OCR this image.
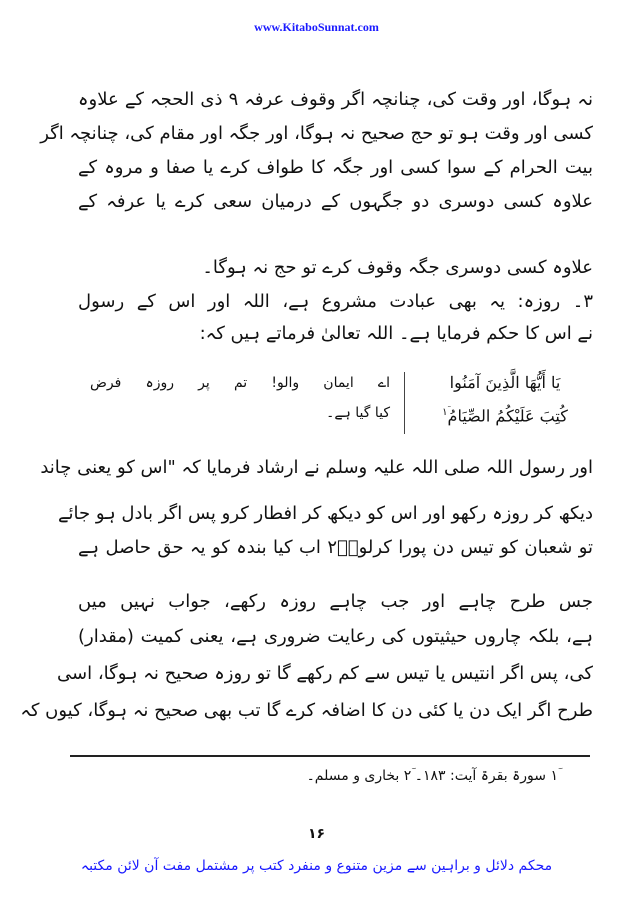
www.KitaboSunnat.com
نہ ہوگا، اور وقت کی، چنانچہ اگر وقوف عرفہ ۹ ذی الحجہ کے علاوہ
کسی اور وقت ہو تو حج صحیح نہ ہوگا، اور جگہ اور مقام کی، چنانچہ اگر
بیت الحرام کے سوا کسی اور جگہ کا طواف کرے یا صفا و مروہ کے
علاوہ کسی دوسری دو جگہوں کے درمیان سعی کرے یا عرفہ کے
علاوہ کسی دوسری جگہ وقوف کرے تو حج نہ ہوگا۔
۳۔ روزہ: یہ بھی عبادت مشروع ہے، اللہ اور اس کے رسول
نے اس کا حکم فرمایا ہے۔ اللہ تعالیٰ فرماتے ہیں کہ:
يَا أَيُّهَا الَّذِينَ آمَنُوا
كُتِبَ عَلَيْكُمُ الصِّيَامُ$^{ؔ۱}$
اے ایمان والو! تم پر روزہ فرض
کیا گیا ہے۔
اور رسول اللہ صلی اللہ علیہ وسلم نے ارشاد فرمایا کہ "اس کو یعنی چاند
دیکھ کر روزہ رکھو اور اس کو دیکھ کر افطار کرو پس اگر بادل ہو جائے
تو شعبان کو تیس دن پورا کرلو۔ؔ۲ اب کیا بندہ کو یہ حق حاصل ہے
جس طرح چاہے اور جب چاہے روزہ رکھے، جواب نہیں میں
ہے، بلکہ چاروں حیثیتوں کی رعایت ضروری ہے، یعنی کمیت (مقدار)
کی، پس اگر انتیس یا تیس سے کم رکھے گا تو روزہ صحیح نہ ہوگا، اسی
طرح اگر ایک دن یا کئی دن کا اضافہ کرے گا تب بھی صحیح نہ ہوگا، کیوں کہ
ؔ۱ سورۃ بقرۃ آیت: ۱۸۳۔ ؔ۲ بخاری و مسلم۔
۱۶
محکم دلائل و براہین سے مزین متنوع و منفرد کتب پر مشتمل مفت آن لائن مکتبہ
